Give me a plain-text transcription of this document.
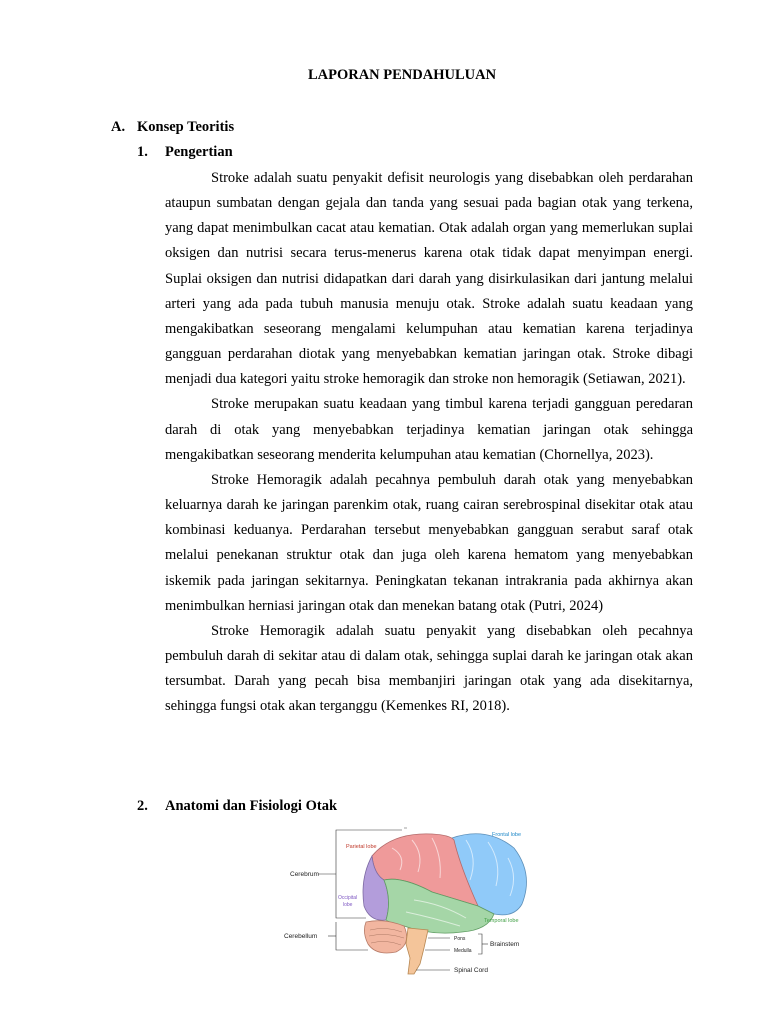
LAPORAN PENDAHULUAN
A. Konsep Teoritis
1. Pengertian

Stroke adalah suatu penyakit defisit neurologis yang disebabkan oleh perdarahan ataupun sumbatan dengan gejala dan tanda yang sesuai pada bagian otak yang terkena, yang dapat menimbulkan cacat atau kematian. Otak adalah organ yang memerlukan suplai oksigen dan nutrisi secara terus-menerus karena otak tidak dapat menyimpan energi. Suplai oksigen dan nutrisi didapatkan dari darah yang disirkulasikan dari jantung melalui arteri yang ada pada tubuh manusia menuju otak. Stroke adalah suatu keadaan yang mengakibatkan seseorang mengalami kelumpuhan atau kematian karena terjadinya gangguan perdarahan diotak yang menyebabkan kematian jaringan otak. Stroke dibagi menjadi dua kategori yaitu stroke hemoragik dan stroke non hemoragik (Setiawan, 2021).

Stroke merupakan suatu keadaan yang timbul karena terjadi gangguan peredaran darah di otak yang menyebabkan terjadinya kematian jaringan otak sehingga mengakibatkan seseorang menderita kelumpuhan atau kematian (Chornellya, 2023).

Stroke Hemoragik adalah pecahnya pembuluh darah otak yang menyebabkan keluarnya darah ke jaringan parenkim otak, ruang cairan serebrospinal disekitar otak atau kombinasi keduanya. Perdarahan tersebut menyebabkan gangguan serabut saraf otak melalui penekanan struktur otak dan juga oleh karena hematom yang menyebabkan iskemik pada jaringan sekitarnya. Peningkatan tekanan intrakrania pada akhirnya akan menimbulkan herniasi jaringan otak dan menekan batang otak (Putri, 2024)

Stroke Hemoragik adalah suatu penyakit yang disebabkan oleh pecahnya pembuluh darah di sekitar atau di dalam otak, sehingga suplai darah ke jaringan otak akan tersumbat. Darah yang pecah bisa membanjiri jaringan otak yang ada disekitarnya, sehingga fungsi otak akan terganggu (Kemenkes RI, 2018).

2. Anatomi dan Fisiologi Otak
Parietal lobe
Frontal lobe
Cerebrum
Occipital
lobe
Temporal lobe
Cerebellum	Pons
Medulla
Brainstem
Spinal Cord
